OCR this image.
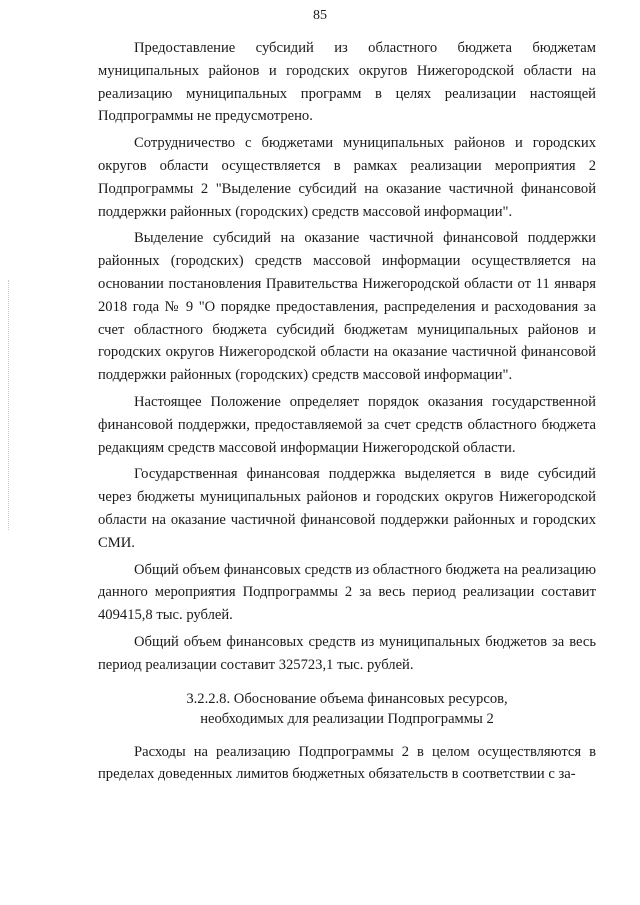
85

Предоставление субсидий из областного бюджета бюджетам муниципальных районов и городских округов Нижегородской области на реализацию муниципальных программ в целях реализации настоящей Подпрограммы не предусмотрено.

Сотрудничество с бюджетами муниципальных районов и городских округов области осуществляется в рамках реализации мероприятия 2 Подпрограммы 2 "Выделение субсидий на оказание частичной финансовой поддержки районных (городских) средств массовой информации".

Выделение субсидий на оказание частичной финансовой поддержки районных (городских) средств массовой информации осуществляется на основании постановления Правительства Нижегородской области от 11 января 2018 года № 9 "О порядке предоставления, распределения и расходования за счет областного бюджета субсидий бюджетам муниципальных районов и городских округов Нижегородской области на оказание частичной финансовой поддержки районных (городских) средств массовой информации".

Настоящее Положение определяет порядок оказания государственной финансовой поддержки, предоставляемой за счет средств областного бюджета редакциям средств массовой информации Нижегородской области.

Государственная финансовая поддержка выделяется в виде субсидий через бюджеты муниципальных районов и городских округов Нижегородской области на оказание частичной финансовой поддержки районных и городских СМИ.

Общий объем финансовых средств из областного бюджета на реализацию данного мероприятия Подпрограммы 2 за весь период реализации составит 409415,8 тыс. рублей.

Общий объем финансовых средств из муниципальных бюджетов за весь период реализации составит 325723,1 тыс. рублей.

3.2.2.8. Обоснование объема финансовых ресурсов,

необходимых для реализации Подпрограммы 2

Расходы на реализацию Подпрограммы 2 в целом осуществляются в пределах доведенных лимитов бюджетных обязательств в соответствии с за-
